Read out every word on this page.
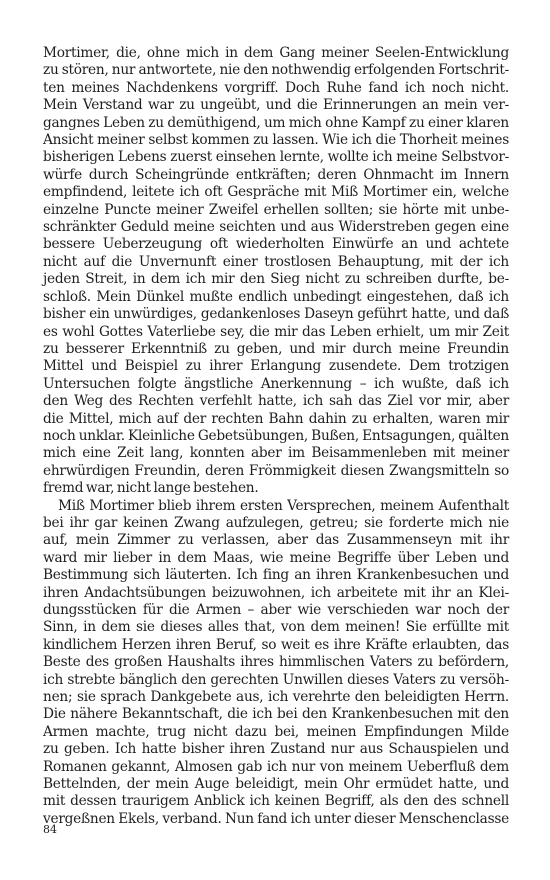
Mortimer, die, ohne mich in dem Gang meiner Seelen-Entwicklung
zu stören, nur antwortete, nie den nothwendig erfolgenden Fortschrit-
ten meines Nachdenkens vorgriff. Doch Ruhe fand ich noch nicht.
Mein Verstand war zu ungeübt, und die Erinnerungen an mein ver-
gangnes Leben zu demüthigend, um mich ohne Kampf zu einer klaren
Ansicht meiner selbst kommen zu lassen. Wie ich die Thorheit meines
bisherigen Lebens zuerst einsehen lernte, wollte ich meine Selbstvor-
würfe durch Scheingründe entkräften; deren Ohnmacht im Innern
empfindend, leitete ich oft Gespräche mit Miß Mortimer ein, welche
einzelne Puncte meiner Zweifel erhellen sollten; sie hörte mit unbe-
schränkter Geduld meine seichten und aus Widerstreben gegen eine
bessere Ueberzeugung oft wiederholten Einwürfe an und achtete
nicht auf die Unvernunft einer trostlosen Behauptung, mit der ich
jeden Streit, in dem ich mir den Sieg nicht zu schreiben durfte, be-
schloß. Mein Dünkel mußte endlich unbedingt eingestehen, daß ich
bisher ein unwürdiges, gedankenloses Daseyn geführt hatte, und daß
es wohl Gottes Vaterliebe sey, die mir das Leben erhielt, um mir Zeit
zu besserer Erkenntniß zu geben, und mir durch meine Freundin
Mittel und Beispiel zu ihrer Erlangung zusendete. Dem trotzigen
Untersuchen folgte ängstliche Anerkennung – ich wußte, daß ich
den Weg des Rechten verfehlt hatte, ich sah das Ziel vor mir, aber
die Mittel, mich auf der rechten Bahn dahin zu erhalten, waren mir
noch unklar. Kleinliche Gebetsübungen, Bußen, Entsagungen, quälten
mich eine Zeit lang, konnten aber im Beisammenleben mit meiner
ehrwürdigen Freundin, deren Frömmigkeit diesen Zwangsmitteln so
fremd war, nicht lange bestehen.
Miß Mortimer blieb ihrem ersten Versprechen, meinem Aufenthalt
bei ihr gar keinen Zwang aufzulegen, getreu; sie forderte mich nie
auf, mein Zimmer zu verlassen, aber das Zusammenseyn mit ihr
ward mir lieber in dem Maas, wie meine Begriffe über Leben und
Bestimmung sich läuterten. Ich fing an ihren Krankenbesuchen und
ihren Andachtsübungen beizuwohnen, ich arbeitete mit ihr an Klei-
dungsstücken für die Armen – aber wie verschieden war noch der
Sinn, in dem sie dieses alles that, von dem meinen! Sie erfüllte mit
kindlichem Herzen ihren Beruf, so weit es ihre Kräfte erlaubten, das
Beste des großen Haushalts ihres himmlischen Vaters zu befördern,
ich strebte bänglich den gerechten Unwillen dieses Vaters zu versöh-
nen; sie sprach Dankgebete aus, ich verehrte den beleidigten Herrn.
Die nähere Bekanntschaft, die ich bei den Krankenbesuchen mit den
Armen machte, trug nicht dazu bei, meinen Empfindungen Milde
zu geben. Ich hatte bisher ihren Zustand nur aus Schauspielen und
Romanen gekannt, Almosen gab ich nur von meinem Ueberfluß dem
Bettelnden, der mein Auge beleidigt, mein Ohr ermüdet hatte, und
mit dessen traurigem Anblick ich keinen Begriff, als den des schnell
vergeßnen Ekels, verband. Nun fand ich unter dieser Menschenclasse
84
